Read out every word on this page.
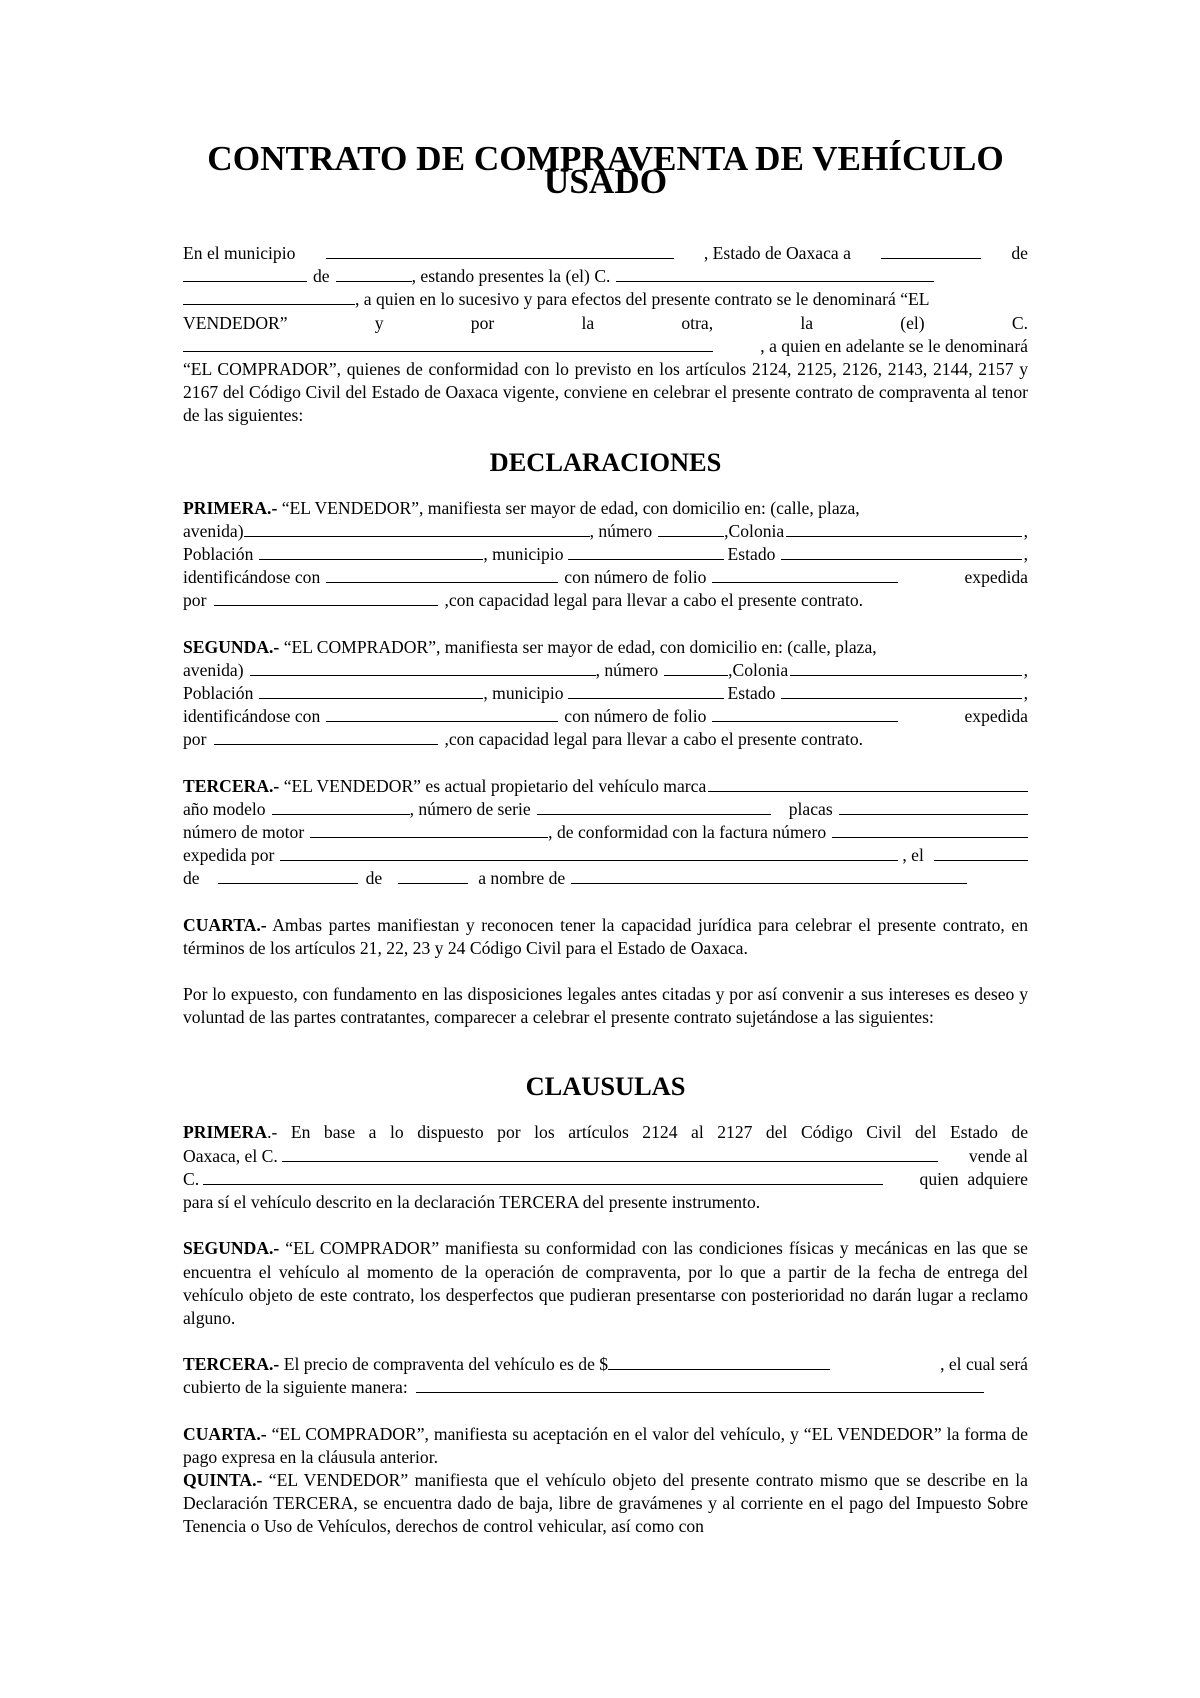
CONTRATO DE COMPRAVENTA DE VEHÍCULO USADO
En el municipio	, Estado de Oaxaca a	de
de	, estando presentes la (el) C.
, a quien en lo sucesivo y para efectos del presente contrato se le denominará “EL
VENDEDOR”	y	por	la	otra,	la	(el)	C.
, a quien en adelante se le denominará

“EL COMPRADOR”, quienes de conformidad con lo previsto en los artículos 2124, 2125, 2126, 2143, 2144, 2157 y 2167 del Código Civil del Estado de Oaxaca vigente, conviene en celebrar el presente contrato de compraventa al tenor de las siguientes:

DECLARACIONES
PRIMERA.- “EL VENDEDOR”, manifiesta ser mayor de edad, con domicilio en: (calle, plaza,
avenida)	, número	,Colonia	,
Población	, municipio	Estado	,
identificándose con	con número de folio	expedida
por	,con capacidad legal para llevar a cabo el presente contrato.
SEGUNDA.- “EL COMPRADOR”, manifiesta ser mayor de edad, con domicilio en: (calle, plaza,
avenida)	, número	,Colonia	,
Población	, municipio	Estado	,
identificándose con	con número de folio	expedida
por	,con capacidad legal para llevar a cabo el presente contrato.
TERCERA.- “EL VENDEDOR” es actual propietario del vehículo marca
año modelo	, número de serie	placas
número de motor	, de conformidad con la factura número
expedida por	, el
de	de	a nombre de

CUARTA.- Ambas partes manifiestan y reconocen tener la capacidad jurídica para celebrar el presente contrato, en términos de los artículos 21, 22, 23 y 24 Código Civil para el Estado de Oaxaca.

Por lo expuesto, con fundamento en las disposiciones legales antes citadas y por así convenir a sus intereses es deseo y voluntad de las partes contratantes, comparecer a celebrar el presente contrato sujetándose a las siguientes:

CLAUSULAS
PRIMERA .- En base a lo dispuesto por los artículos 2124 al 2127 del Código Civil del Estado de
Oaxaca, el C.	vende al
C.	quien  adquiere

para sí el vehículo descrito en la declaración TERCERA del presente instrumento.

SEGUNDA.- “EL COMPRADOR” manifiesta su conformidad con las condiciones físicas y mecánicas en las que se encuentra el vehículo al momento de la operación de compraventa, por lo que a partir de la fecha de entrega del vehículo objeto de este contrato, los desperfectos que pudieran presentarse con posterioridad no darán lugar a reclamo alguno.

TERCERA.- El precio de compraventa del vehículo es de $	, el cual será
cubierto de la siguiente manera:

CUARTA.- “EL COMPRADOR”, manifiesta su aceptación en el valor del vehículo, y “EL VENDEDOR” la forma de pago expresa en la cláusula anterior.

QUINTA.- “EL VENDEDOR” manifiesta que el vehículo objeto del presente contrato mismo que se describe en la Declaración TERCERA, se encuentra dado de baja, libre de gravámenes y al corriente en el pago del Impuesto Sobre Tenencia o Uso de Vehículos, derechos de control vehicular, así como con
